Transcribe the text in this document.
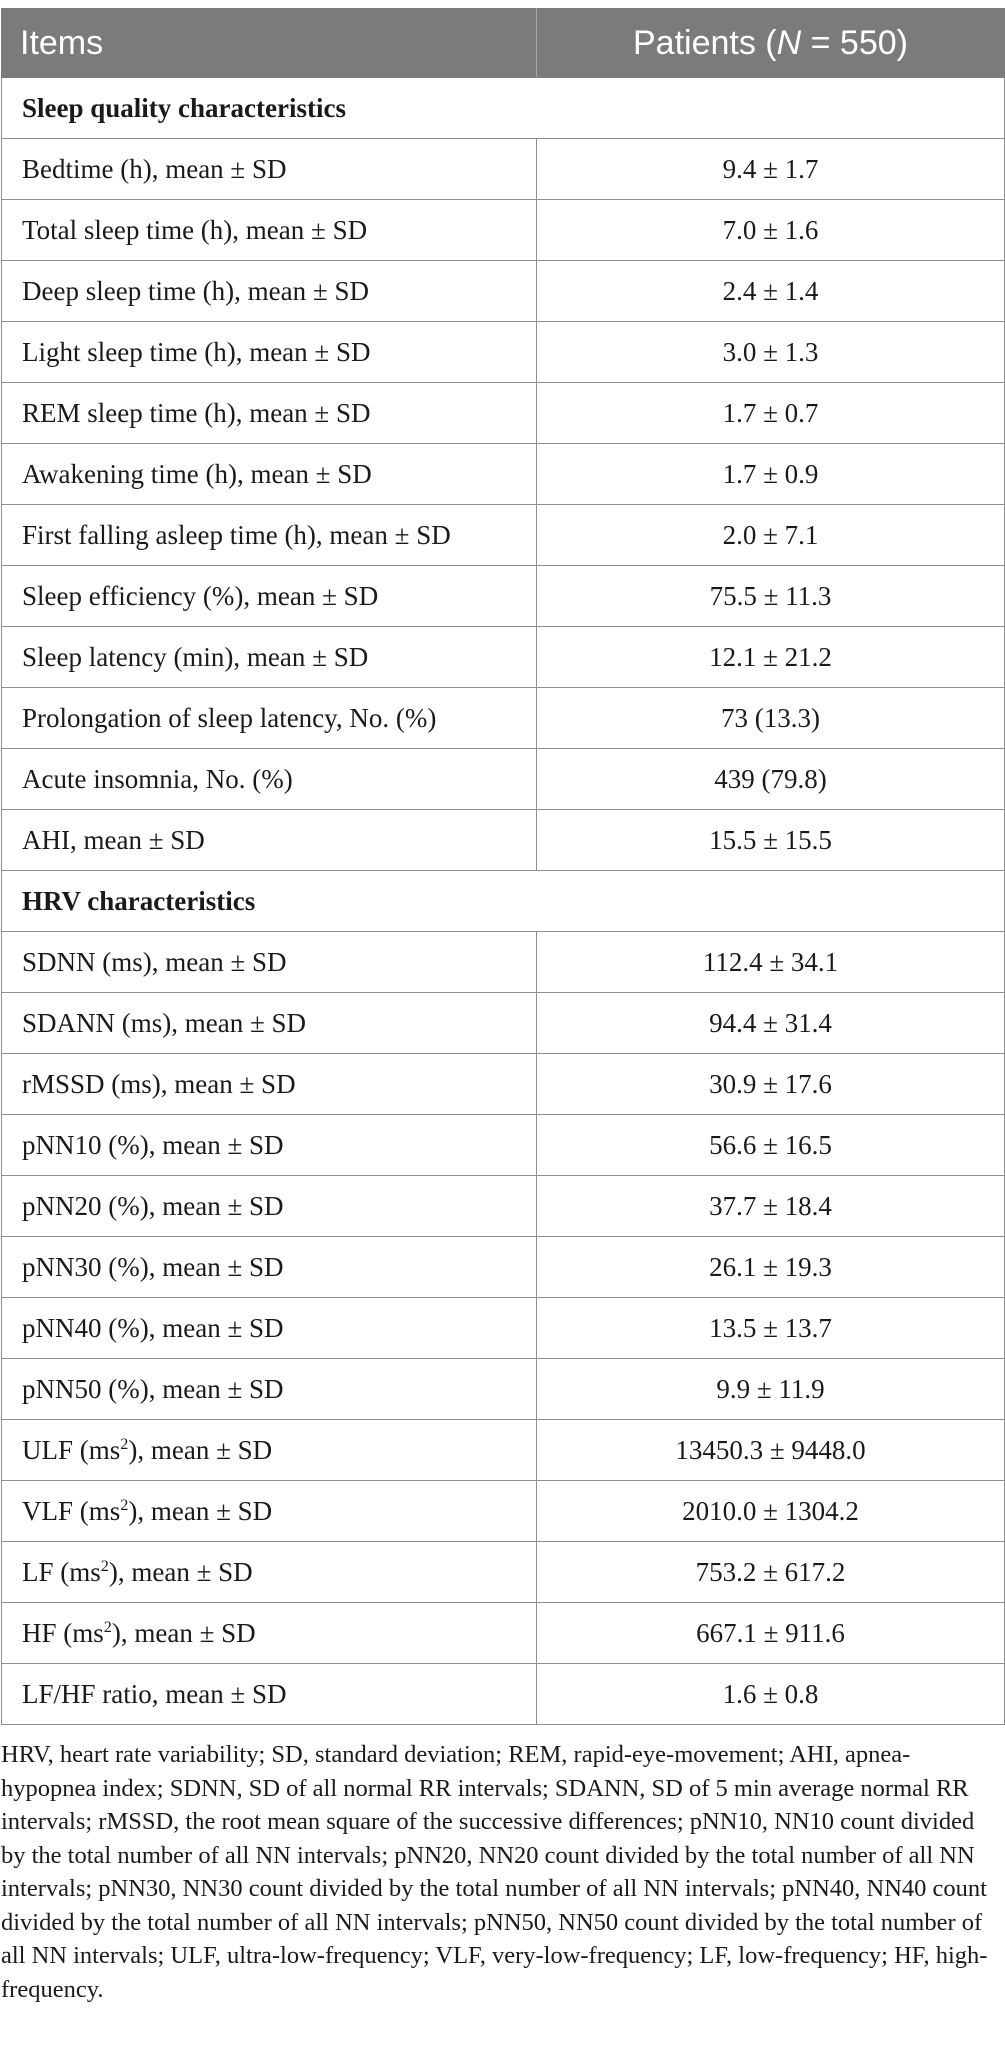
Items	Patients (N = 550)
Sleep quality characteristics	
Bedtime (h), mean ± SD	9.4 ± 1.7
Total sleep time (h), mean ± SD	7.0 ± 1.6
Deep sleep time (h), mean ± SD	2.4 ± 1.4
Light sleep time (h), mean ± SD	3.0 ± 1.3
REM sleep time (h), mean ± SD	1.7 ± 0.7
Awakening time (h), mean ± SD	1.7 ± 0.9
First falling asleep time (h), mean ± SD	2.0 ± 7.1
Sleep efficiency (%), mean ± SD	75.5 ± 11.3
Sleep latency (min), mean ± SD	12.1 ± 21.2
Prolongation of sleep latency, No. (%)	73 (13.3)
Acute insomnia, No. (%)	439 (79.8)
AHI, mean ± SD	15.5 ± 15.5
HRV characteristics	
SDNN (ms), mean ± SD	112.4 ± 34.1
SDANN (ms), mean ± SD	94.4 ± 31.4
rMSSD (ms), mean ± SD	30.9 ± 17.6
pNN10 (%), mean ± SD	56.6 ± 16.5
pNN20 (%), mean ± SD	37.7 ± 18.4
pNN30 (%), mean ± SD	26.1 ± 19.3
pNN40 (%), mean ± SD	13.5 ± 13.7
pNN50 (%), mean ± SD	9.9 ± 11.9
ULF $(ms^2)$, mean ± SD	13450.3 ± 9448.0
VLF $(ms^2)$, mean ± SD	2010.0 ± 1304.2
LF $(ms^2)$, mean ± SD	753.2 ± 617.2
HF $(ms^2)$, mean ± SD	667.1 ± 911.6
LF/HF ratio, mean ± SD	1.6 ± 0.8

HRV, heart rate variability; SD, standard deviation; REM, rapid-eye-movement; AHI, apnea-hypopnea index; SDNN, SD of all normal RR intervals; SDANN, SD of 5 min average normal RR intervals; rMSSD, the root mean square of the successive differences; pNN10, NN10 count divided by the total number of all NN intervals; pNN20, NN20 count divided by the total number of all NN intervals; pNN30, NN30 count divided by the total number of all NN intervals; pNN40, NN40 count divided by the total number of all NN intervals; pNN50, NN50 count divided by the total number of all NN intervals; ULF, ultra-low-frequency; VLF, very-low-frequency; LF, low-frequency; HF, high-frequency.
